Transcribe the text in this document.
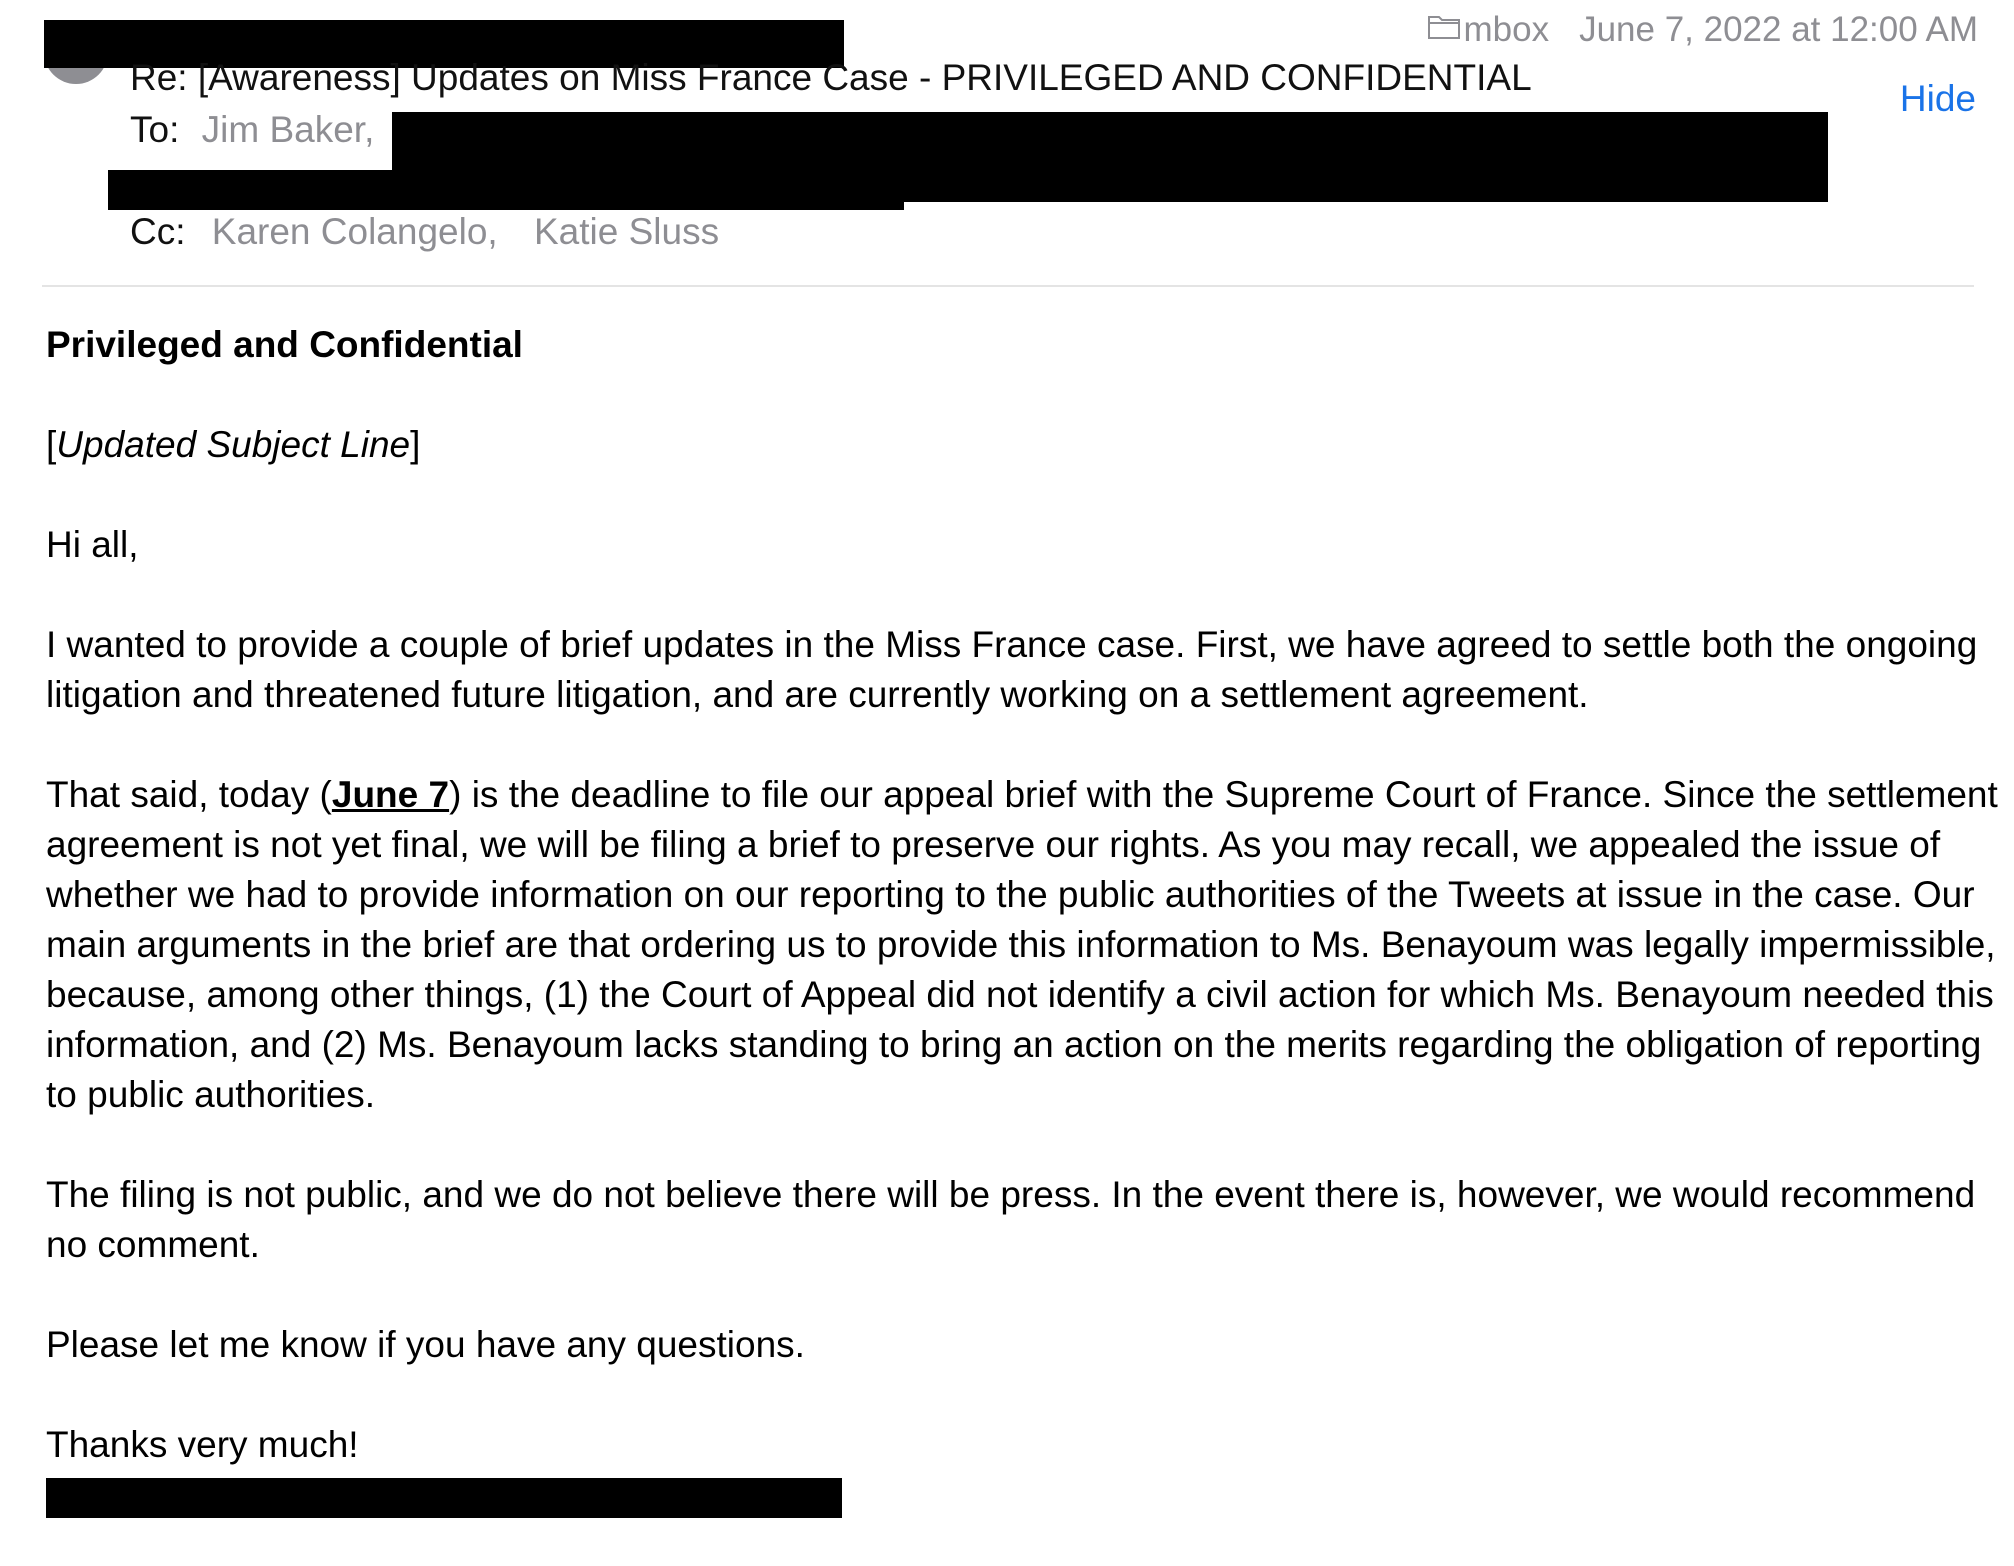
mbox June 7, 2022 at 12:00 AM
Hide
Re: [Awareness] Updates on Miss France Case - PRIVILEGED AND CONFIDENTIAL
To: Jim Baker,
Cc: Karen Colangelo, Katie Sluss

Privileged and Confidential

[Updated Subject Line]

Hi all,

I wanted to provide a couple of brief updates in the Miss France case. First, we have agreed to settle both the ongoing litigation and threatened future litigation, and are currently working on a settlement agreement.

That said, today (June 7) is the deadline to file our appeal brief with the Supreme Court of France. Since the settlement agreement is not yet final, we will be filing a brief to preserve our rights. As you may recall, we appealed the issue of whether we had to provide information on our reporting to the public authorities of the Tweets at issue in the case. Our main arguments in the brief are that ordering us to provide this information to Ms. Benayoum was legally impermissible, because, among other things, (1) the Court of Appeal did not identify a civil action for which Ms. Benayoum needed this information, and (2) Ms. Benayoum lacks standing to bring an action on the merits regarding the obligation of reporting to public authorities.

The filing is not public, and we do not believe there will be press. In the event there is, however, we would recommend no comment.

Please let me know if you have any questions.

Thanks very much!
